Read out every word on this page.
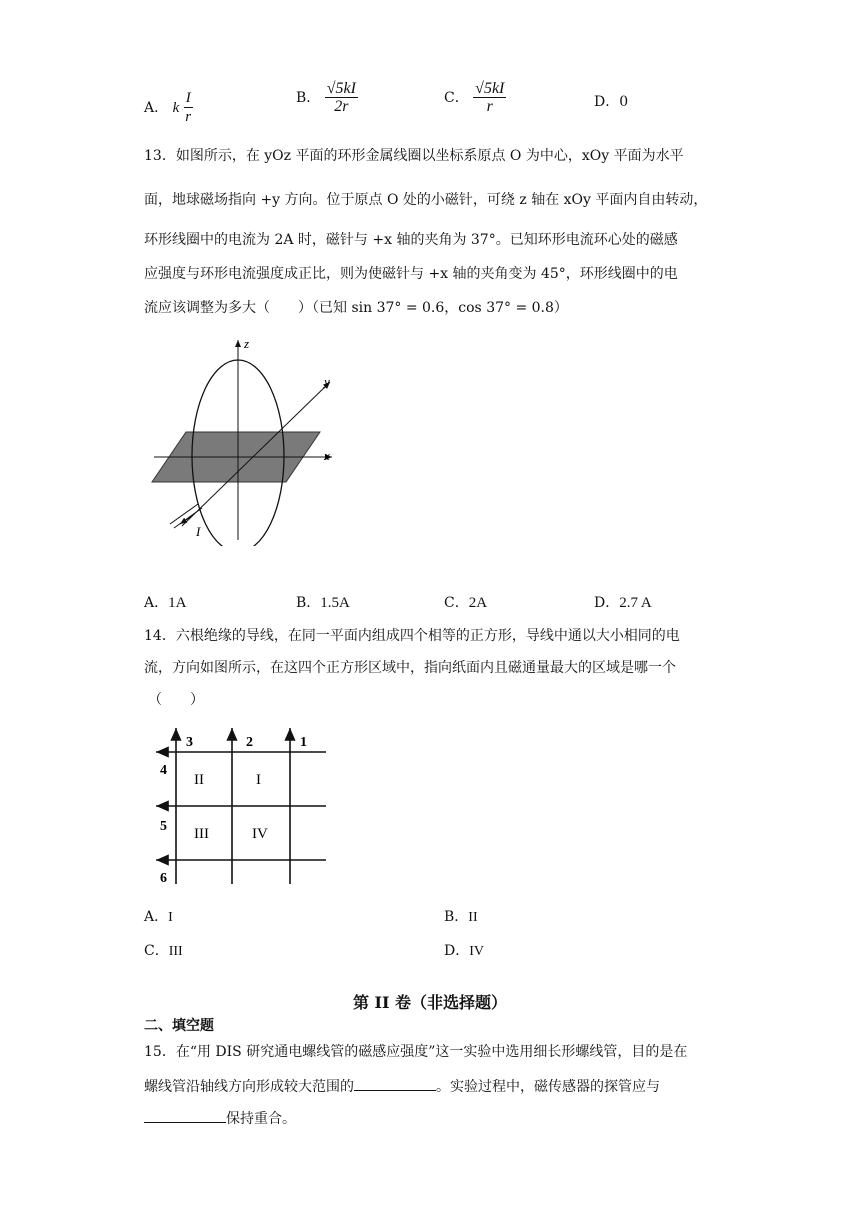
A． k $\frac{I}{r}$	B． $\frac{√5kI}{2r}$	C． $\frac{√5kI}{r}$	D．0
13．如图所示，在 yOz 平面的环形金属线圈以坐标系原点 O 为中心，xOy 平面为水平
面，地球磁场指向 +y 方向。位于原点 O 处的小磁针，可绕 z 轴在 xOy 平面内自由转动，
环形线圈中的电流为 2A 时，磁针与 +x 轴的夹角为 37°。已知环形电流环心处的磁感
应强度与环形电流强度成正比，则为使磁针与 +x 轴的夹角变为 45°，环形线圈中的电
流应该调整为多大（　　）（已知 sin 37° = 0.6，cos 37° = 0.8）
z
y
x
I
A．1A	B．1.5A	C．2A	D．2.7 A
14．六根绝缘的导线，在同一平面内组成四个相等的正方形，导线中通以大小相同的电
流，方向如图所示，在这四个正方形区域中，指向纸面内且磁通量最大的区域是哪一个
（　　）
3	2	1
4
5
6
II	I
III	IV
A．I	B．II
C．III	D．IV
第 II 卷（非选择题）
二、填空题
15．在“用 DIS 研究通电螺线管的磁感应强度”这一实验中选用细长形螺线管，目的是在
螺线管沿轴线方向形成较大范围的	。实验过程中，磁传感器的探管应与
保持重合。
